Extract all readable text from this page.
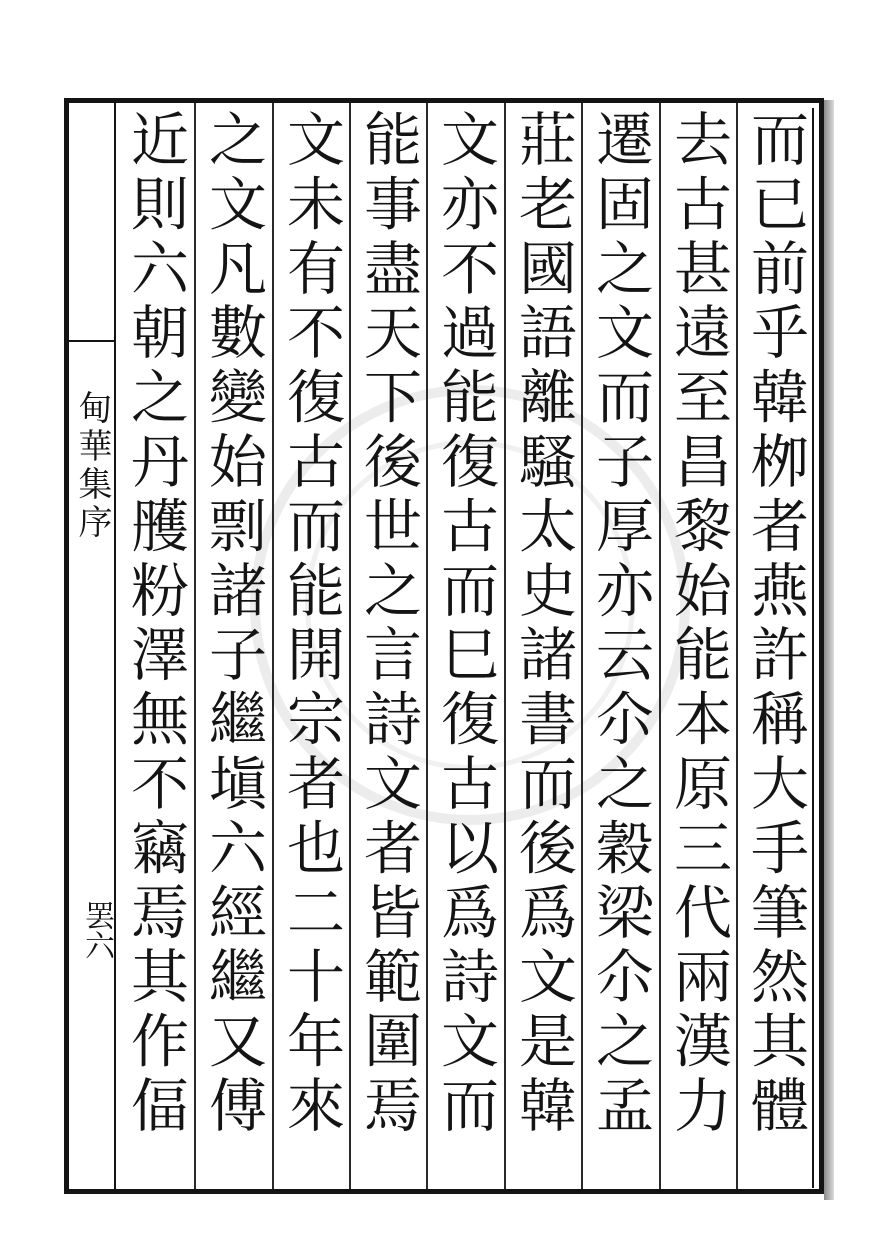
甸華集序
罢六
而已前乎韓栁者燕許稱大手筆然其體
去古甚遠至昌黎始能本原三代兩漢力
遷固之文而子厚亦云尒之穀梁尒之孟
莊老國語離騷太史諸書而後爲文是韓
文亦不過能復古而巳復古以爲詩文而
能事盡天下後世之言詩文者皆範圍焉
文未有不復古而能開宗者也二十年來
之文凡數變始剽諸子繼塡六經繼又傅
近則六朝之丹雘粉澤無不竊焉其作偪
